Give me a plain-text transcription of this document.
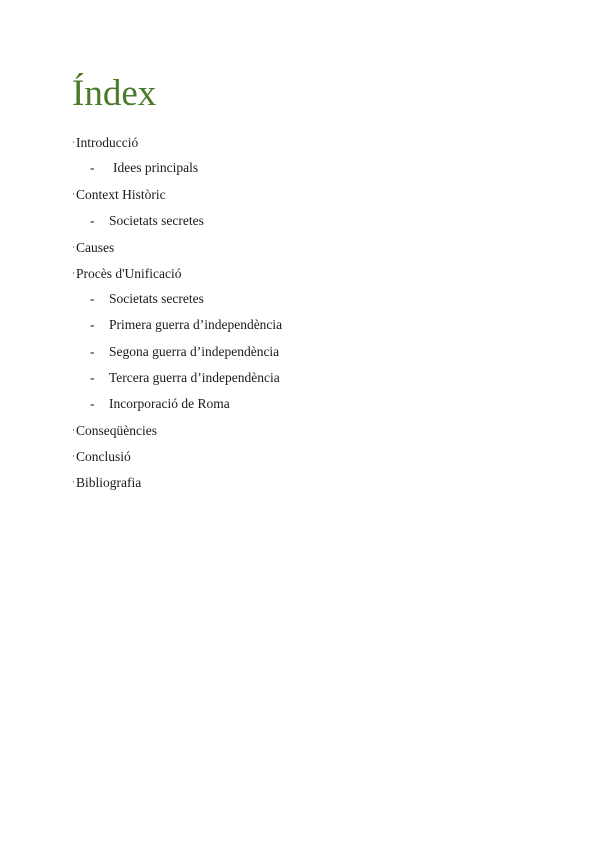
Índex
·Introducció
- Idees principals
·Context Històric
- Societats secretes
·Causes
·Procès d'Unificació
- Societats secretes
- Primera guerra d’independència
- Segona guerra d’independència
- Tercera guerra d’independència
- Incorporació de Roma
·Conseqüències
·Conclusió
·Bibliografia
